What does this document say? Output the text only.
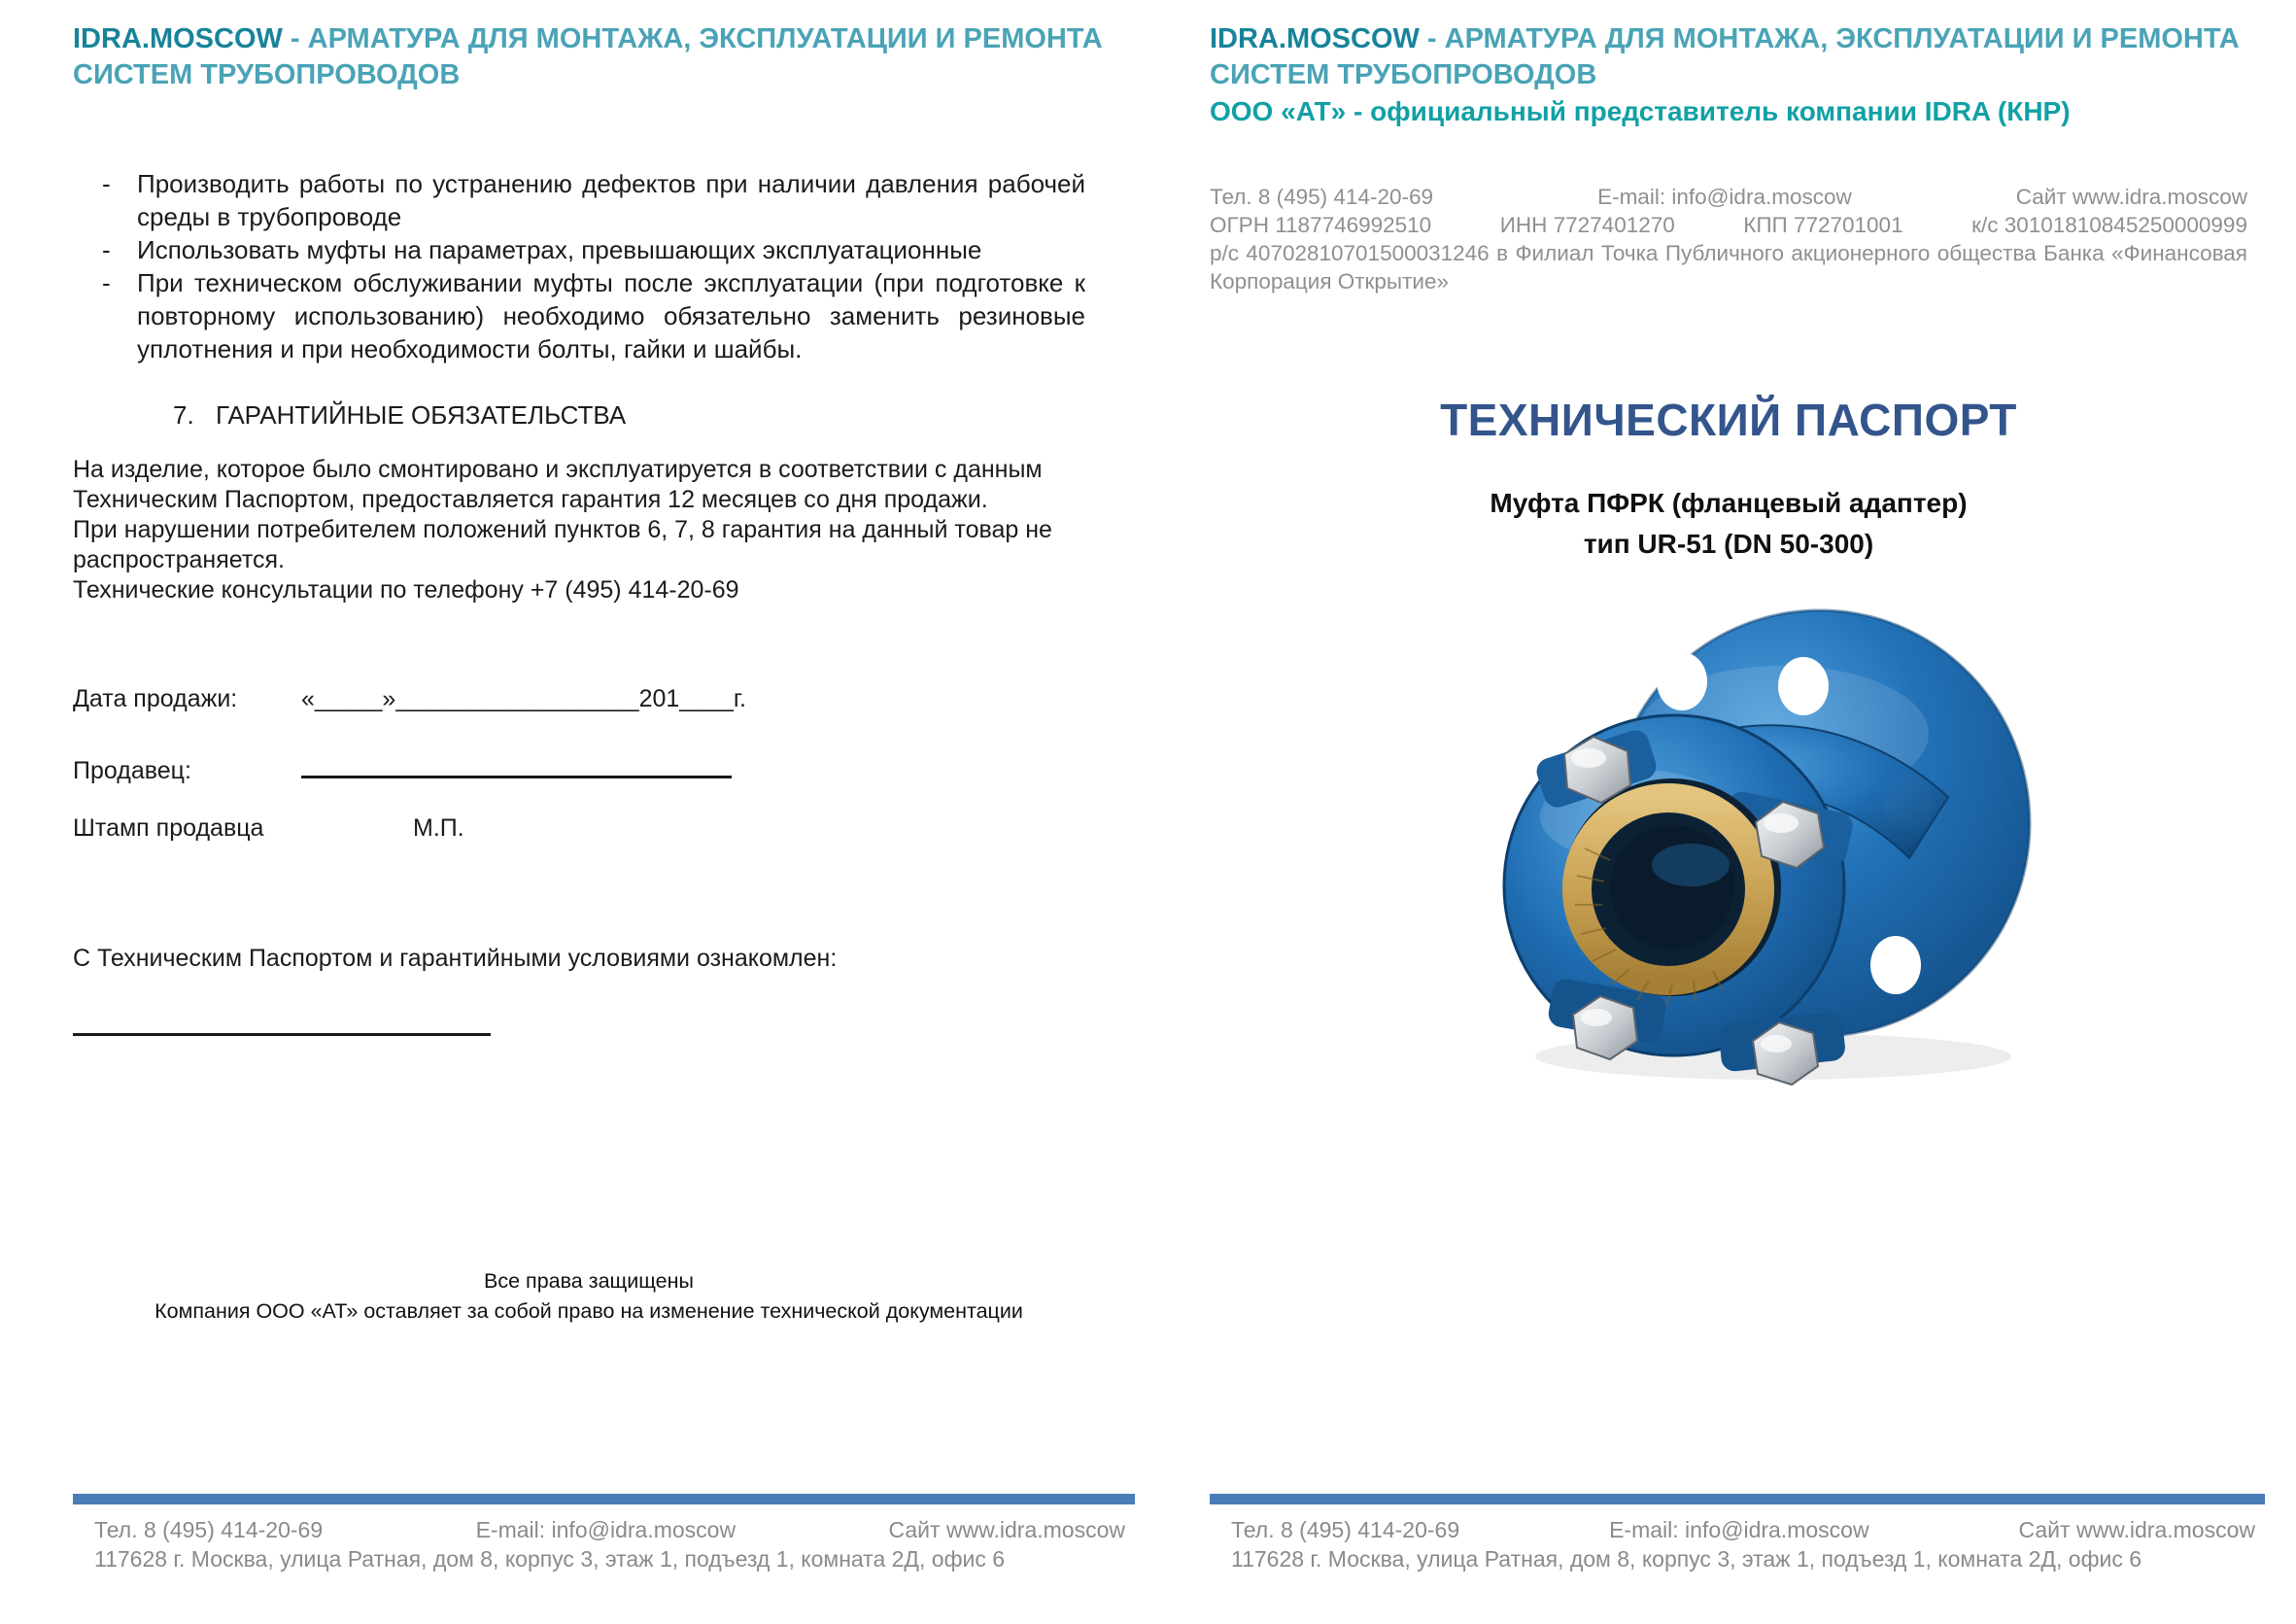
IDRA.MOSCOW - АРМАТУРА ДЛЯ МОНТАЖА, ЭКСПЛУАТАЦИИ И РЕМОНТА СИСТЕМ ТРУБОПРОВОДОВ
-	Производить работы по устранению дефектов при наличии давления рабочей среды в трубопроводе
-	Использовать муфты на параметрах, превышающих эксплуатационные
-	При техническом обслуживании муфты после эксплуатации (при подготовке к повторному использованию) необходимо обязательно заменить резиновые уплотнения и при необходимости болты, гайки и шайбы.
7. ГАРАНТИЙНЫЕ ОБЯЗАТЕЛЬСТВА

На изделие, которое было смонтировано и эксплуатируется в соответствии с данным Техническим Паспортом, предоставляется гарантия 12 месяцев со дня продажи.

При нарушении потребителем положений пунктов 6, 7, 8 гарантия на данный товар не распространяется.

Технические консультации по телефону +7 (495) 414-20-69

Дата продажи:	«_____»__________________201____г.
Продавец:
Штамп продавца	М.П.
С Техническим Паспортом и гарантийными условиями ознакомлен:
Все права защищены
Компания ООО «АТ» оставляет за собой право на изменение технической документации
Тел. 8 (495) 414-20-69	E-mail: info@idra.moscow	Сайт www.idra.moscow
117628 г. Москва, улица Ратная, дом 8, корпус 3, этаж 1, подъезд 1, комната 2Д, офис 6
IDRA.MOSCOW - АРМАТУРА ДЛЯ МОНТАЖА, ЭКСПЛУАТАЦИИ И РЕМОНТА СИСТЕМ ТРУБОПРОВОДОВ
ООО «АТ» - официальный представитель компании IDRA (КНР)
Тел. 8 (495) 414-20-69	E-mail: info@idra.moscow	Сайт www.idra.moscow
ОГРН 1187746992510	ИНН 7727401270	КПП 772701001	к/с 30101810845250000999
р/с 40702810701500031246 в Филиал Точка Публичного акционерного общества Банка «Финансовая Корпорация Открытие»
ТЕХНИЧЕСКИЙ ПАСПОРТ
Муфта ПФРК (фланцевый адаптер)
тип UR-51 (DN 50-300)
Тел. 8 (495) 414-20-69	E-mail: info@idra.moscow	Сайт www.idra.moscow
117628 г. Москва, улица Ратная, дом 8, корпус 3, этаж 1, подъезд 1, комната 2Д, офис 6
